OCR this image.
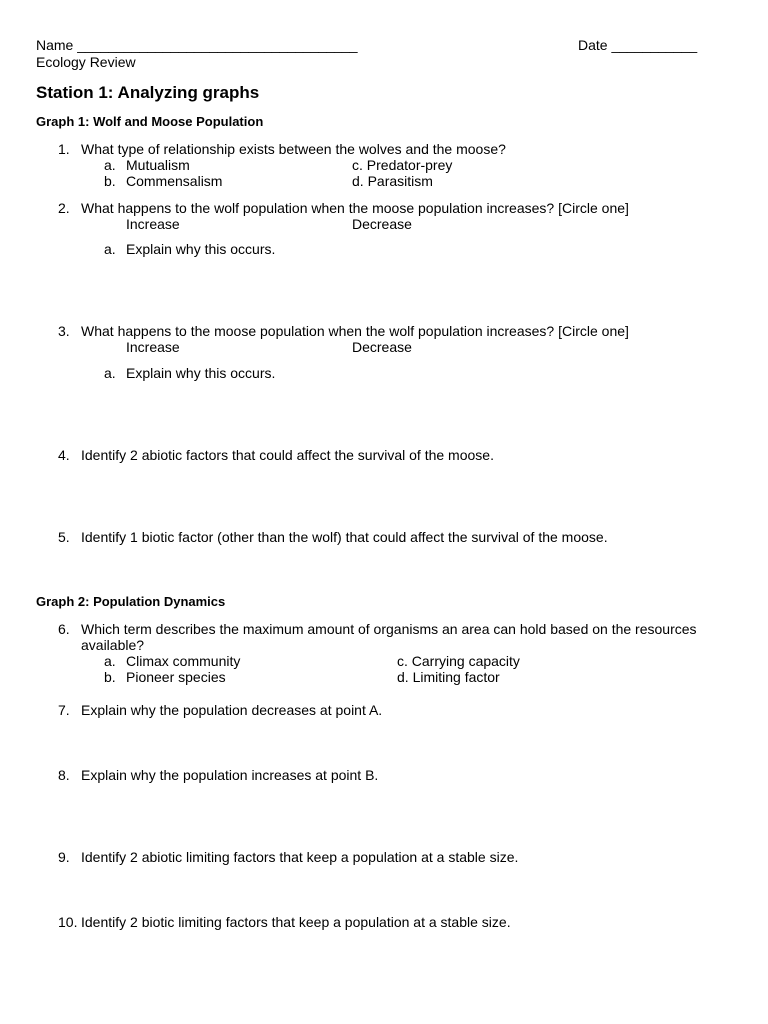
Name ____________________________________	Date ___________
Ecology Review
Station 1: Analyzing graphs
Graph 1: Wolf and Moose Population
1. What type of relationship exists between the wolves and the moose?
a. Mutualism	c. Predator-prey
b. Commensalism	d. Parasitism
2. What happens to the wolf population when the moose population increases? [Circle one]
Increase	Decrease
a. Explain why this occurs.
3. What happens to the moose population when the wolf population increases? [Circle one]
Increase	Decrease
a. Explain why this occurs.
4. Identify 2 abiotic factors that could affect the survival of the moose.
5. Identify 1 biotic factor (other than the wolf) that could affect the survival of the moose.
Graph 2: Population Dynamics
6. Which term describes the maximum amount of organisms an area can hold based on the resources
available?
a. Climax community	c. Carrying capacity
b. Pioneer species	d. Limiting factor
7. Explain why the population decreases at point A.
8. Explain why the population increases at point B.
9. Identify 2 abiotic limiting factors that keep a population at a stable size.
10. Identify 2 biotic limiting factors that keep a population at a stable size.
